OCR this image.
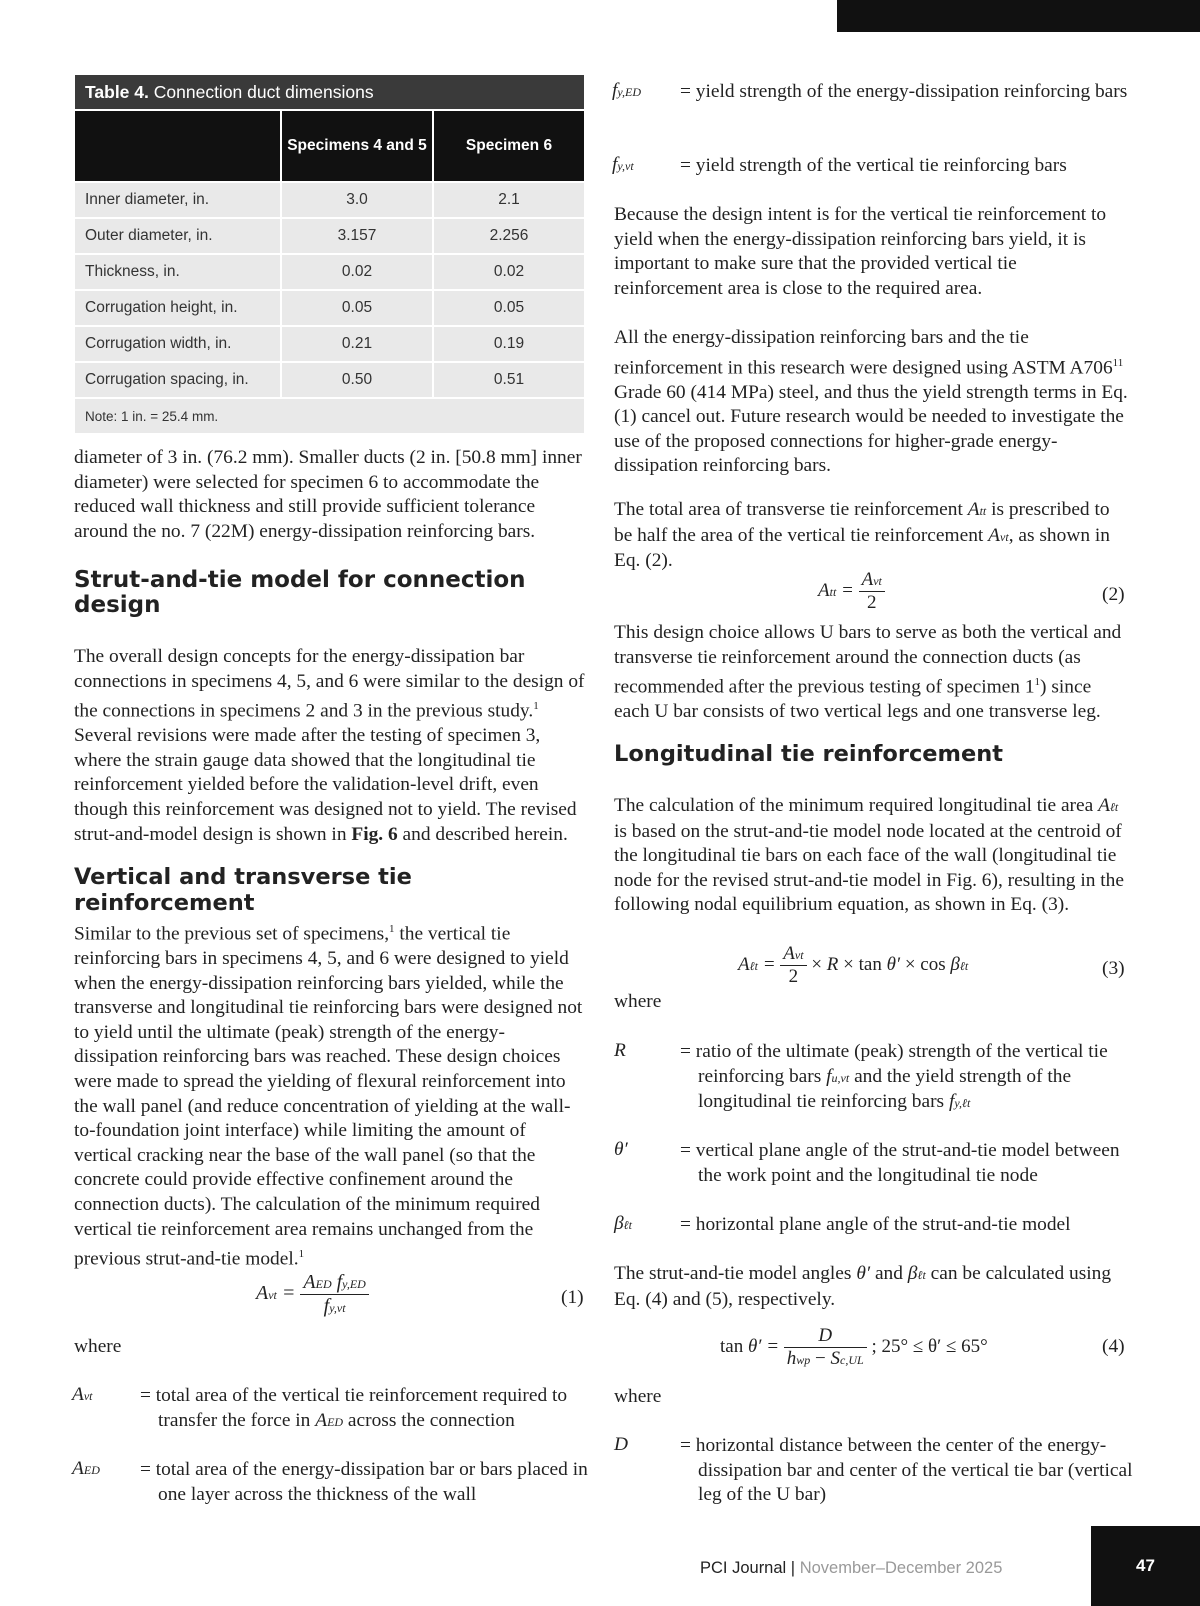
Table 4. Connection duct dimensions		
	Specimens 4 and 5	Specimen 6
Inner diameter, in.	3.0	2.1
Outer diameter, in.	3.157	2.256
Thickness, in.	0.02	0.02
Corrugation height, in.	0.05	0.05
Corrugation width, in.	0.21	0.19
Corrugation spacing, in.	0.50	0.51
Note: 1 in. = 25.4 mm.		

diameter of 3 in. (76.2 mm). Smaller ducts (2 in. [50.8 mm] inner diameter) were selected for specimen 6 to accommodate the reduced wall thickness and still provide sufficient tolerance around the no. 7 (22M) energy-dissipation reinforcing bars.

Strut-and-tie model for connection design

The overall design concepts for the energy-dissipation bar connections in specimens 4, 5, and 6 were similar to the design of the connections in specimens 2 and 3 in the previous study.$^1$ Several revisions were made after the testing of specimen 3, where the strain gauge data showed that the longitudinal tie reinforcement yielded before the validation-level drift, even though this reinforcement was designed not to yield. The revised strut-and-model design is shown in Fig. 6 and described herein.

Vertical and transverse tie reinforcement

Similar to the previous set of specimens,$^1$ the vertical tie reinforcing bars in specimens 4, 5, and 6 were designed to yield when the energy-dissipation reinforcing bars yielded, while the transverse and longitudinal tie reinforcing bars were designed not to yield until the ultimate (peak) strength of the energy-dissipation reinforcing bars was reached. These design choices were made to spread the yielding of flexural reinforcement into the wall panel (and reduce concentration of yielding at the wall-to-foundation joint interface) while limiting the amount of vertical cracking near the base of the wall panel (so that the concrete could provide effective confinement around the connection ducts). The calculation of the minimum required vertical tie reinforcement area remains unchanged from the previous strut-and-tie model.$^1$

Avt = $\frac{\text{AED fy,ED}}{fy,vt}$	(1)
where
Avt = total area of the vertical tie reinforcement required to transfer the force in AED across the connection

AED = total area of the energy-dissipation bar or bars placed in one layer across the thickness of the wall

fy,ED = yield strength of the energy-dissipation reinforcing bars

fy,vt = yield strength of the vertical tie reinforcing bars

Because the design intent is for the vertical tie reinforcement to yield when the energy-dissipation reinforcing bars yield, it is important to make sure that the provided vertical tie reinforcement area is close to the required area.

All the energy-dissipation reinforcing bars and the tie reinforcement in this research were designed using ASTM $A706^{11}$ Grade 60 (414 MPa) steel, and thus the yield strength terms in Eq. (1) cancel out. Future research would be needed to investigate the use of the proposed connections for higher-grade energy-dissipation reinforcing bars.

The total area of transverse tie reinforcement Att is prescribed to be half the area of the vertical tie reinforcement Avt, as shown in Eq. (2).

Att = $\frac{\text{Avt}}{2}$	(2)

This design choice allows U bars to serve as both the vertical and transverse tie reinforcement around the connection ducts (as recommended after the previous testing of specimen $1^1$) since each U bar consists of two vertical legs and one transverse leg.

Longitudinal tie reinforcement

The calculation of the minimum required longitudinal tie area Aℓt is based on the strut-and-tie model node located at the centroid of the longitudinal tie bars on each face of the wall (longitudinal tie node for the revised strut-and-tie model in Fig. 6), resulting in the following nodal equilibrium equation, as shown in Eq. (3).

Aℓt = $\frac{\text{Avt}}{2} \times R \times \tan \theta' \times \cos$ βℓt	(3)
where
R	= ratio of the ultimate (peak) strength of the vertical tie reinforcing bars fu,vt and the yield strength of the longitudinal tie reinforcing bars fy,ℓt

θ′	= vertical plane angle of the strut-and-tie model between the work point and the longitudinal tie node

βℓt = horizontal plane angle of the strut-and-tie model

The strut-and-tie model angles θ′ and βℓt can be calculated using Eq. (4) and (5), respectively.

$\tan \theta' = \frac{D}{\text{hwp − Sc,UL}}$ ; 25° ≤ θ′ ≤ 65°	(4)
where
D	= horizontal distance between the center of the energy-dissipation bar and center of the vertical tie bar (vertical leg of the U bar)

PCI Journal | November–December 2025	47
